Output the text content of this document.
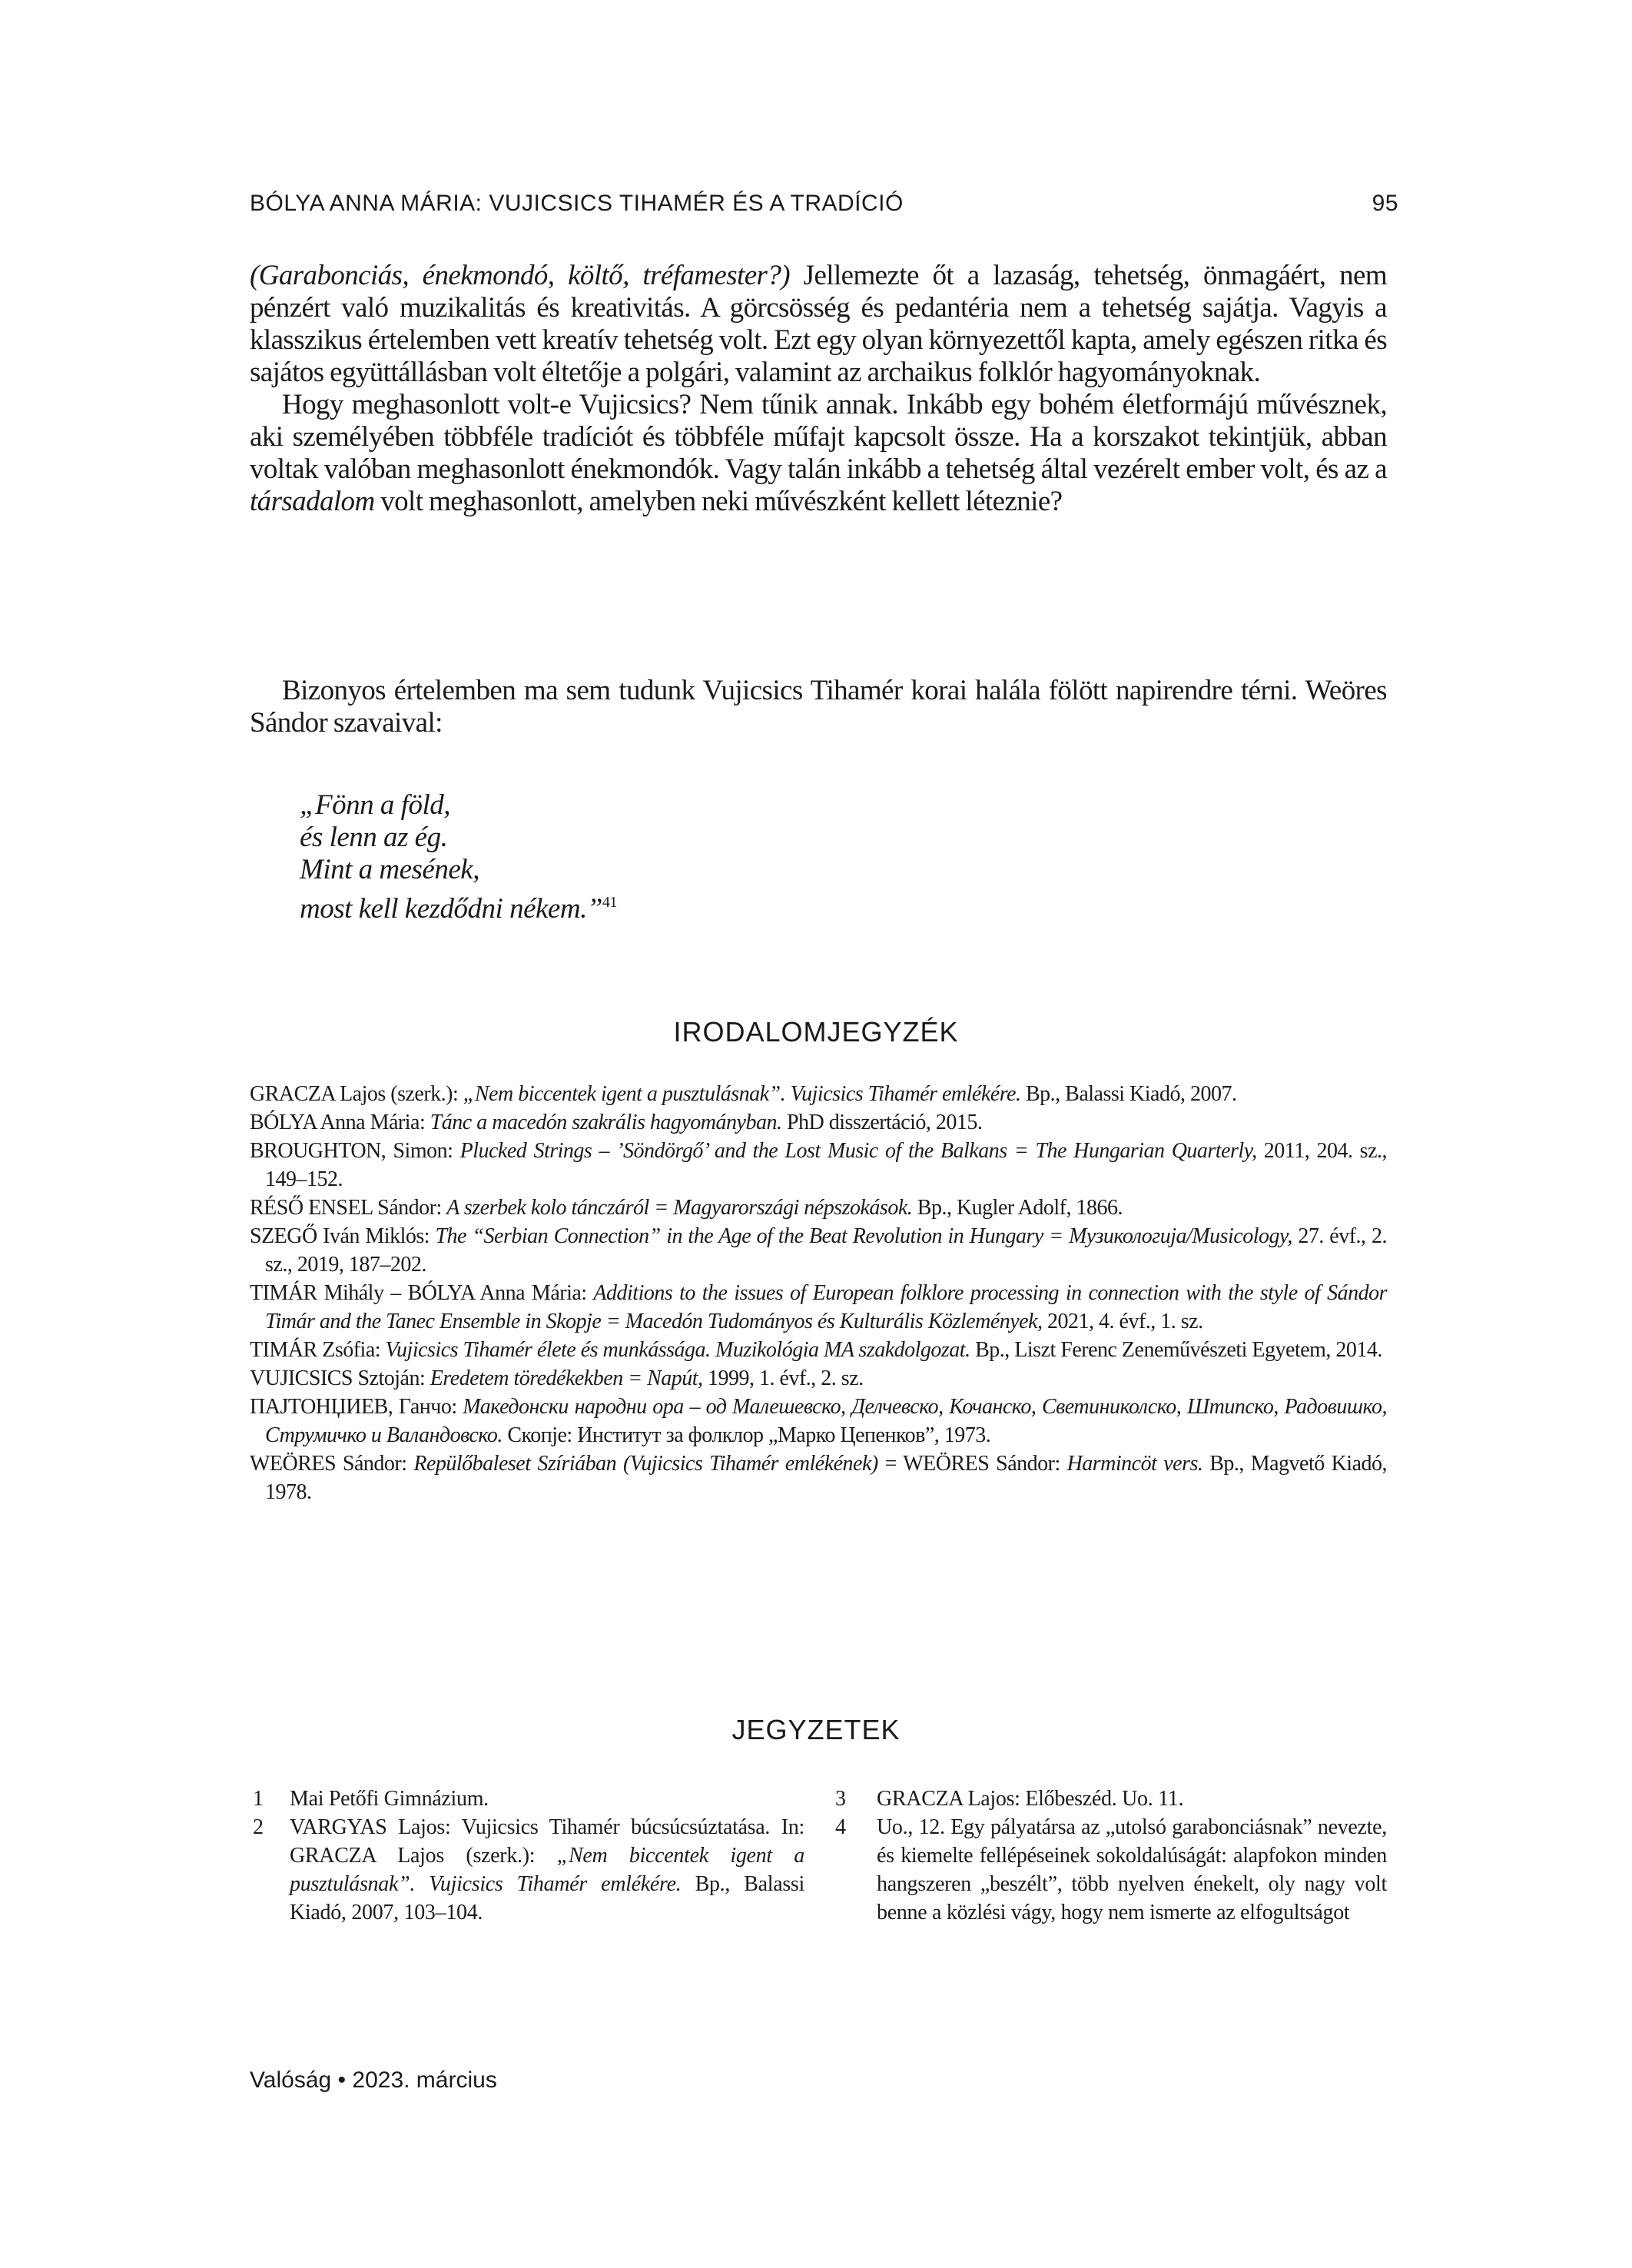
BÓLYA ANNA MÁRIA: VUJICSICS TIHAMÉR ÉS A TRADÍCIÓ	95

(Garabonciás, énekmondó, költő, tréfamester?) Jellemezte őt a lazaság, tehetség, önmagáért, nem pénzért való muzikalitás és kreativitás. A görcsösség és pedantéria nem a tehetség sajátja. Vagyis a klasszikus értelemben vett kreatív tehetség volt. Ezt egy olyan környezettől kapta, amely egészen ritka és sajátos együttállásban volt éltetője a polgári, valamint az archaikus folklór hagyományoknak.

Hogy meghasonlott volt-e Vujicsics? Nem tűnik annak. Inkább egy bohém életformájú művésznek, aki személyében többféle tradíciót és többféle műfajt kapcsolt össze. Ha a korszakot tekintjük, abban voltak valóban meghasonlott énekmondók. Vagy talán inkább a tehetség által vezérelt ember volt, és az a társadalom volt meghasonlott, amelyben neki művészként kellett léteznie?

Bizonyos értelemben ma sem tudunk Vujicsics Tihamér korai halála fölött napirendre térni. Weöres Sándor szavaival:

„Fönn a föld,
és lenn az ég.
Mint a mesének,
most kell kezdődni nékem.”$^{41}$
IRODALOMJEGYZÉK

GRACZA Lajos (szerk.): „Nem biccentek igent a pusztulásnak”. Vujicsics Tihamér emlékére. Bp., Balassi Kiadó, 2007.

BÓLYA Anna Mária: Tánc a macedón szakrális hagyományban. PhD disszertáció, 2015.

BROUGHTON, Simon: Plucked Strings – ’Söndörgő’ and the Lost Music of the Balkans = The Hungarian Quarterly, 2011, 204. sz., 149–152.

RÉSŐ ENSEL Sándor: A szerbek kolo tánczáról = Magyarországi népszokások. Bp., Kugler Adolf, 1866.

SZEGŐ Iván Miklós: The “Serbian Connection” in the Age of the Beat Revolution in Hungary = Музикологиjа/Musicology, 27. évf., 2. sz., 2019, 187–202.

TIMÁR Mihály – BÓLYA Anna Mária: Additions to the issues of European folklore processing in connection with the style of Sándor Timár and the Tanec Ensemble in Skopje = Macedón Tudományos és Kulturális Közlemények, 2021, 4. évf., 1. sz.

TIMÁR Zsófia: Vujicsics Tihamér élete és munkássága. Muzikológia MA szakdolgozat. Bp., Liszt Ferenc Zeneművészeti Egyetem, 2014.

VUJICSICS Sztoján: Eredetem töredékekben = Napút, 1999, 1. évf., 2. sz.

ПАЈТОНЏИЕВ, Ганчо: Македонски народни ора – од Малешевско, Делчевско, Кочанско, Светиниколско, Штипско, Радовишко, Струмичко и Валандовско. Скопје: Институт за фолклор „Марко Цепенков”, 1973.

WEÖRES Sándor: Repülőbaleset Szíriában (Vujicsics Tihamér emlékének) = WEÖRES Sándor: Harmincöt vers. Bp., Magvető Kiadó, 1978.

JEGYZETEK

1	Mai Petőfi Gimnázium.

2	VARGYAS Lajos: Vujicsics Tihamér búcsúcsúztatása. In: GRACZA Lajos (szerk.): „Nem biccentek igent a pusztulásnak”. Vujicsics Tihamér emlékére. Bp., Balassi Kiadó, 2007, 103–104.

3	GRACZA Lajos: Előbeszéd. Uo. 11.

4	Uo., 12. Egy pályatársa az „utolsó garabonciásnak” nevezte, és kiemelte fellépéseinek sokoldalúságát: alapfokon minden hangszeren „beszélt”, több nyelven énekelt, oly nagy volt benne a közlési vágy, hogy nem ismerte az elfogultságot

Valóság • 2023. március
